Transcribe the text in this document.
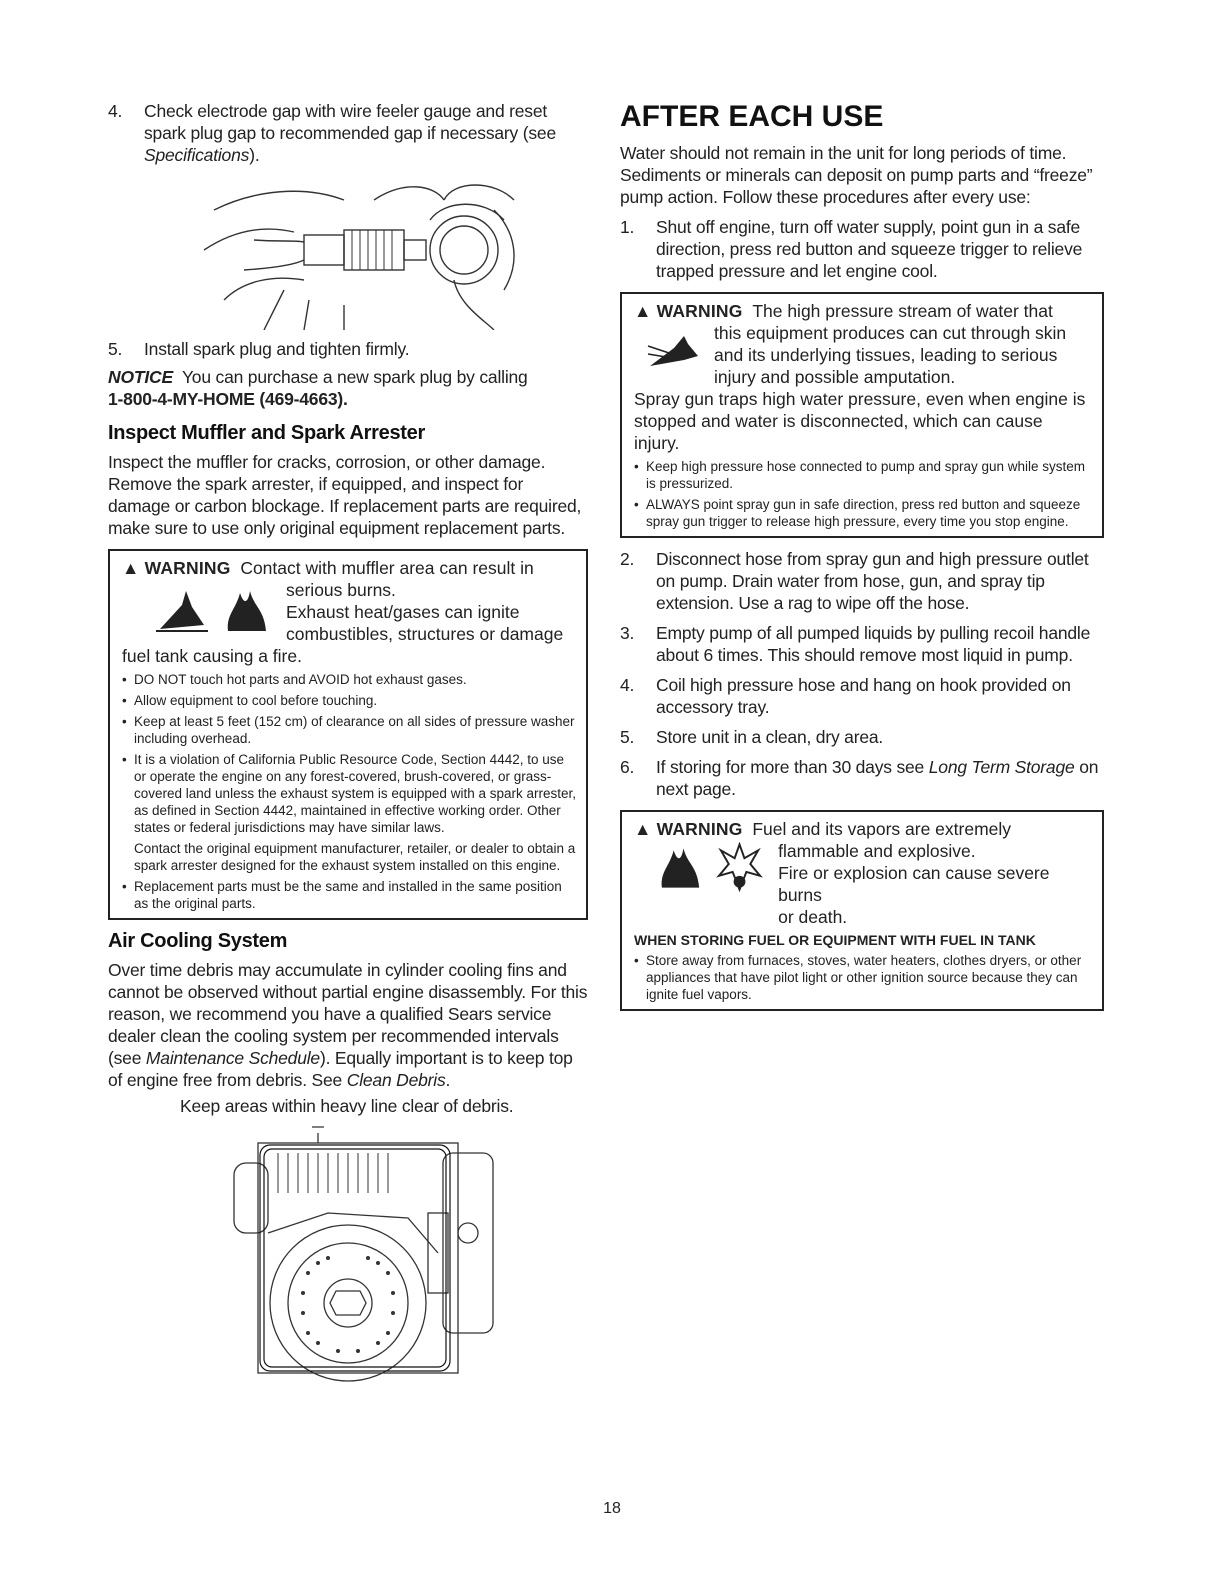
4.	Check electrode gap with wire feeler gauge and reset spark plug gap to recommended gap if necessary (see Specifications).
5.	Install spark plug and tighten firmly.

NOTICE You can purchase a new spark plug by calling
1-800-4-MY-HOME (469-4663).

Inspect Muffler and Spark Arrester

Inspect the muffler for cracks, corrosion, or other damage. Remove the spark arrester, if equipped, and inspect for damage or carbon blockage. If replacement parts are required, make sure to use only original equipment replacement parts.

▲ WARNING Contact with muffler area can result in
serious burns.
Exhaust heat/gases can ignite
combustibles, structures or damage
fuel tank causing a fire.
• DO NOT touch hot parts and AVOID hot exhaust gases.
• Allow equipment to cool before touching.
• Keep at least 5 feet (152 cm) of clearance on all sides of pressure washer including overhead.
• It is a violation of California Public Resource Code, Section 4442, to use or operate the engine on any forest-covered, brush-covered, or grass-covered land unless the exhaust system is equipped with a spark arrester, as defined in Section 4442, maintained in effective working order. Other states or federal jurisdictions may have similar laws.
Contact the original equipment manufacturer, retailer, or dealer to obtain a spark arrester designed for the exhaust system installed on this engine.
• Replacement parts must be the same and installed in the same position as the original parts.
Air Cooling System

Over time debris may accumulate in cylinder cooling fins and cannot be observed without partial engine disassembly. For this reason, we recommend you have a qualified Sears service dealer clean the cooling system per recommended intervals (see Maintenance Schedule). Equally important is to keep top of engine free from debris. See Clean Debris.

Keep areas within heavy line clear of debris.

AFTER EACH USE

Water should not remain in the unit for long periods of time. Sediments or minerals can deposit on pump parts and “freeze” pump action. Follow these procedures after every use:

1.	Shut off engine, turn off water supply, point gun in a safe direction, press red button and squeeze trigger to relieve trapped pressure and let engine cool.
▲ WARNING The high pressure stream of water that
this equipment produces can cut through skin
and its underlying tissues, leading to serious
injury and possible amputation.
Spray gun traps high water pressure, even when engine is stopped and water is disconnected, which can cause injury.
• Keep high pressure hose connected to pump and spray gun while system is pressurized.
• ALWAYS point spray gun in safe direction, press red button and squeeze spray gun trigger to release high pressure, every time you stop engine.
2.	Disconnect hose from spray gun and high pressure outlet on pump. Drain water from hose, gun, and spray tip extension. Use a rag to wipe off the hose.
3.	Empty pump of all pumped liquids by pulling recoil handle about 6 times. This should remove most liquid in pump.
4.	Coil high pressure hose and hang on hook provided on accessory tray.
5.	Store unit in a clean, dry area.
6.	If storing for more than 30 days see Long Term Storage on next page.
▲ WARNING Fuel and its vapors are extremely
flammable and explosive.
Fire or explosion can cause severe burns
or death.
WHEN STORING FUEL OR EQUIPMENT WITH FUEL IN TANK
• Store away from furnaces, stoves, water heaters, clothes dryers, or other appliances that have pilot light or other ignition source because they can ignite fuel vapors.
18
